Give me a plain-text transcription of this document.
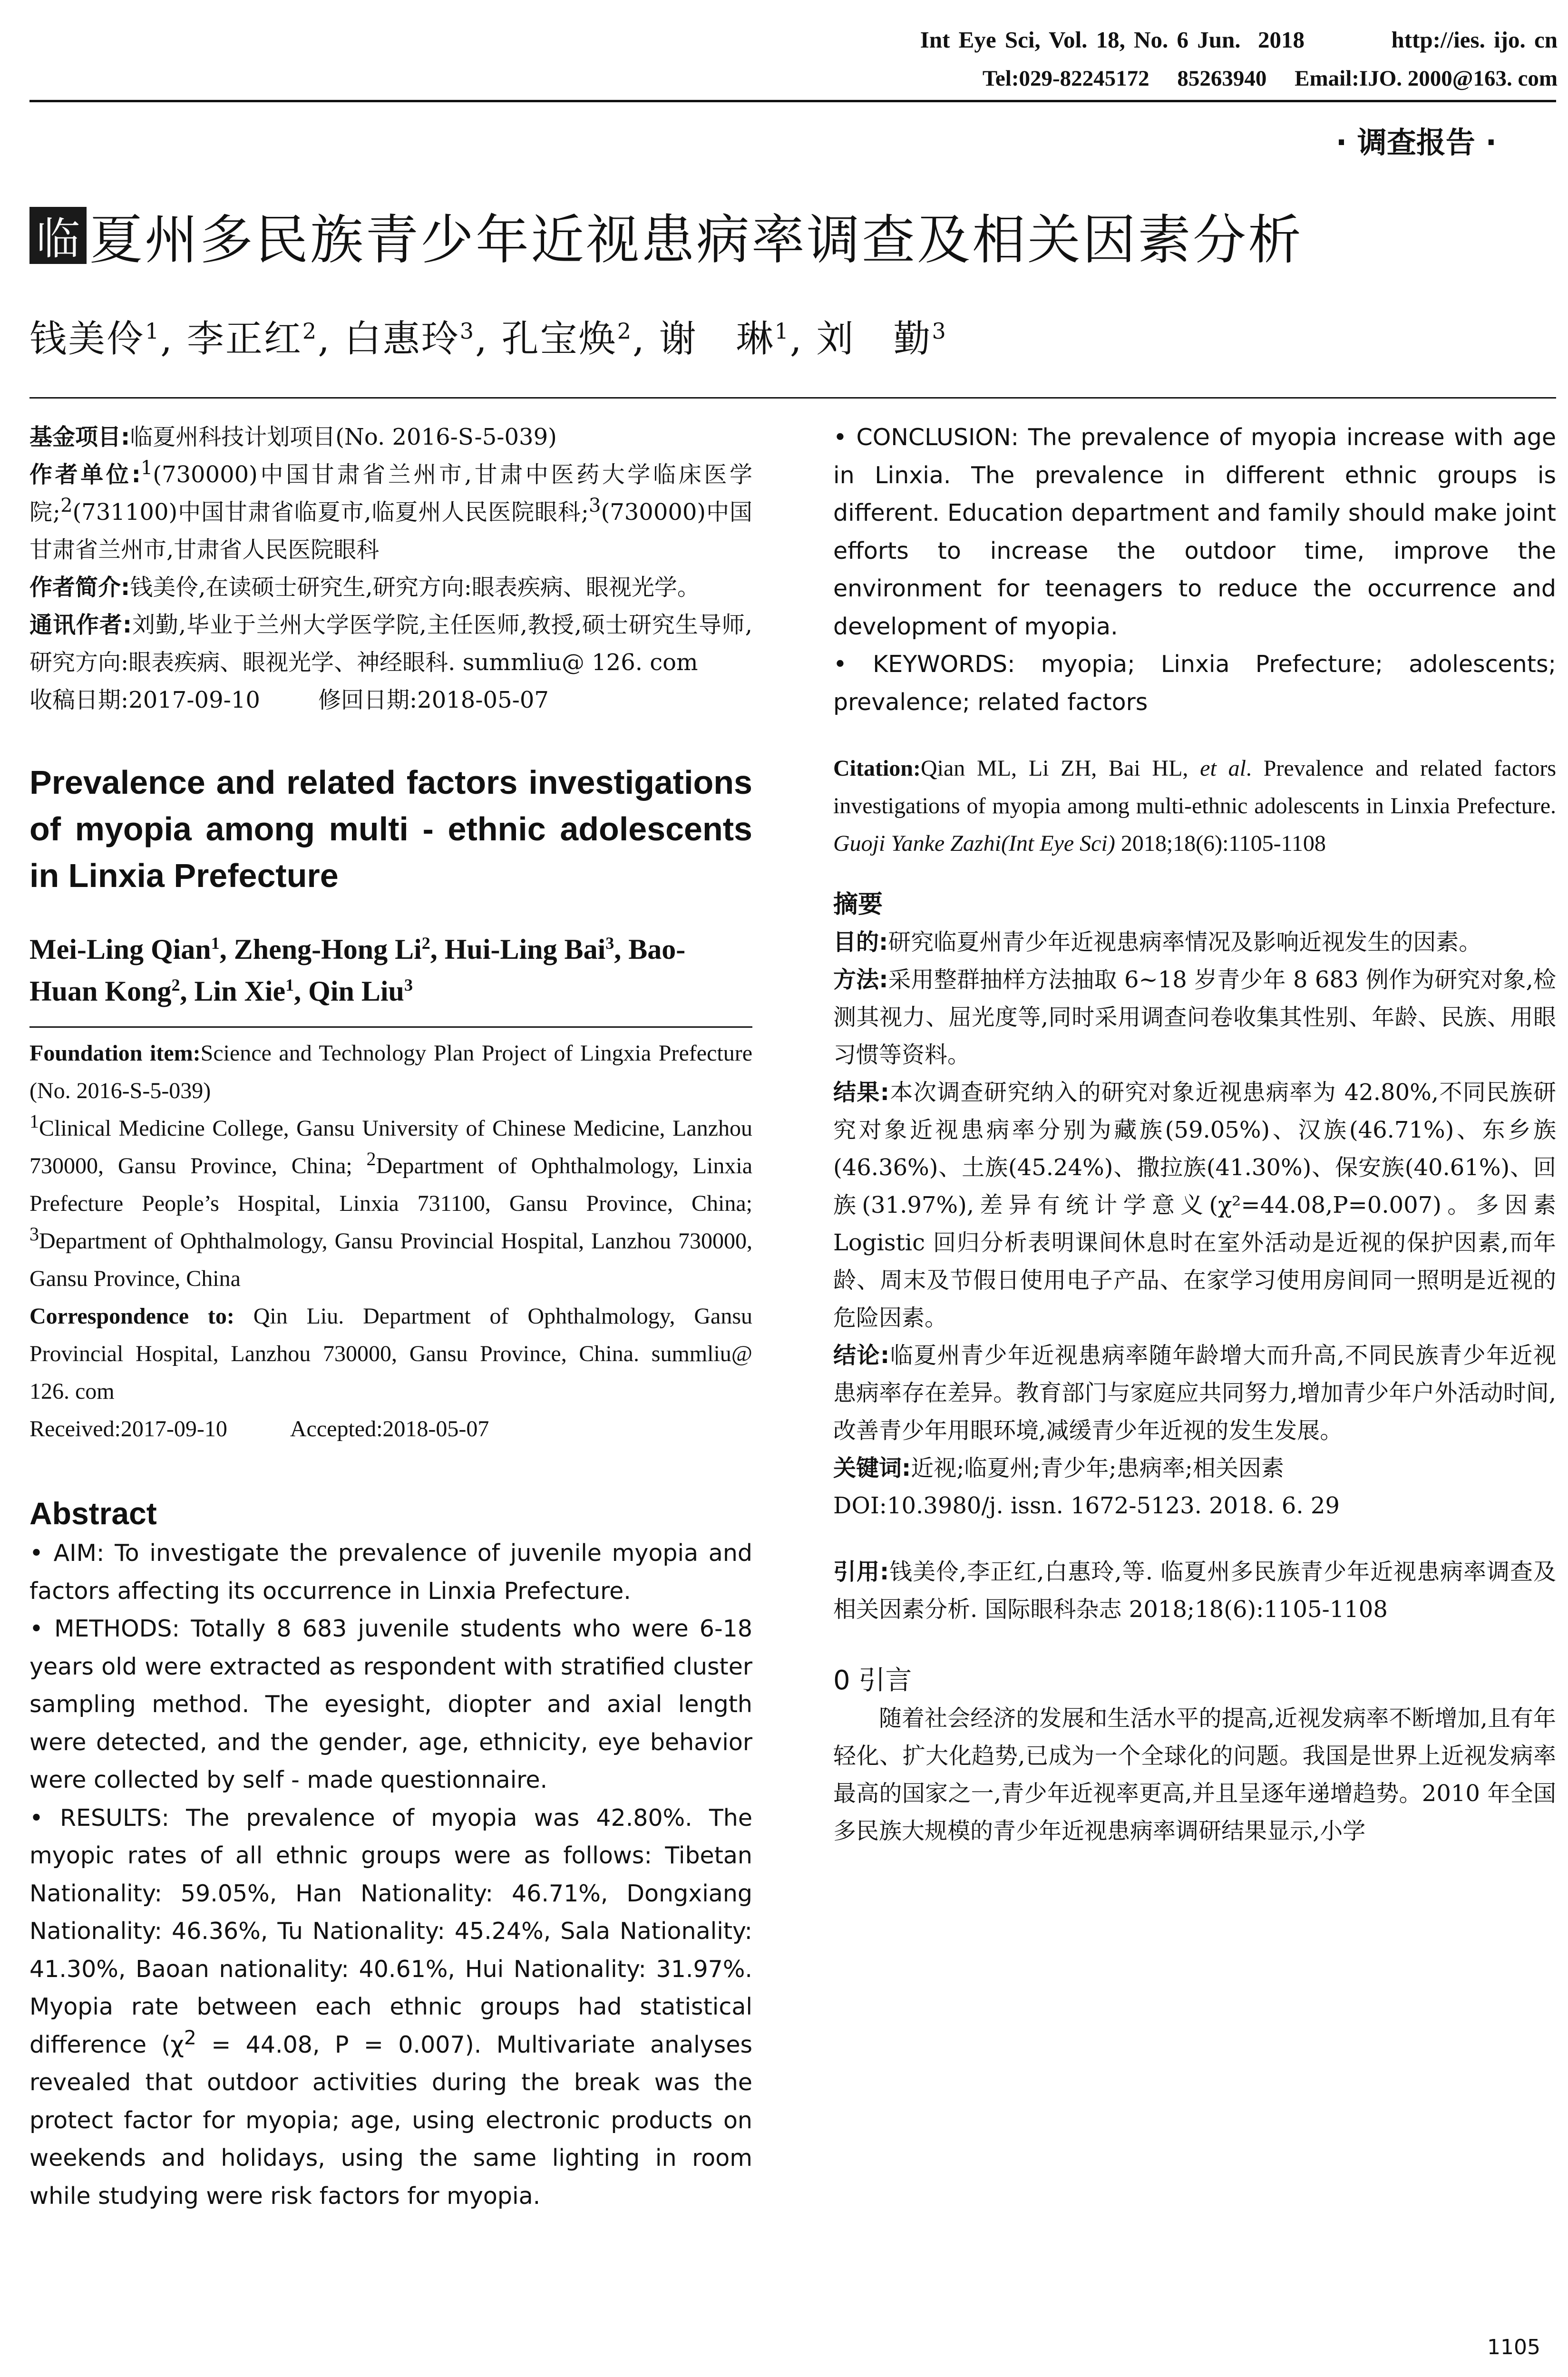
Int Eye Sci, Vol. 18, No. 6 Jun.  2018          http://ies. ijo. cn
Tel:029-82245172     85263940     Email:IJO. 2000@163. com
· 调查报告 ·
临 夏州多民族青少年近视患病率调查及相关因素分析
钱美伶$^1$, 李正红$^2$, 白惠玲$^3$, 孔宝焕$^2$, 谢　琳$^1$, 刘　勤$^3$

基金项目:临夏州科技计划项目(No. 2016-S-5-039)

作者单位:$^1$(730000)中国甘肃省兰州市,甘肃中医药大学临床医学院;$^2$(731100)中国甘肃省临夏市,临夏州人民医院眼科;$^3$(730000)中国甘肃省兰州市,甘肃省人民医院眼科

作者简介:钱美伶,在读硕士研究生,研究方向:眼表疾病、眼视光学。

通讯作者:刘勤,毕业于兰州大学医学院,主任医师,教授,硕士研究生导师,研究方向:眼表疾病、眼视光学、神经眼科. summliu@ 126. com

收稿日期:2017-09-10	修回日期:2018-05-07

Prevalence and related factors investigations of myopia among multi - ethnic adolescents in Linxia Prefecture

Mei-Ling Qian$^1$, Zheng-Hong Li$^2$, Hui-Ling Bai$^3$, Bao-Huan Kong$^2$, Lin Xie$^1$, Qin Liu$^3$

Foundation item:Science and Technology Plan Project of Lingxia Prefecture (No. 2016-S-5-039)

$^1$Clinical Medicine College, Gansu University of Chinese Medicine, Lanzhou 730000, Gansu Province, China; $^2$Department of Ophthalmology, Linxia Prefecture People’s Hospital, Linxia 731100, Gansu Province, China; $^3$Department of Ophthalmology, Gansu Provincial Hospital, Lanzhou 730000, Gansu Province, China

Correspondence to: Qin Liu. Department of Ophthalmology, Gansu Provincial Hospital, Lanzhou 730000, Gansu Province, China. summliu@ 126. com

Received:2017-09-10	Accepted:2018-05-07

Abstract

• AIM: To investigate the prevalence of juvenile myopia and factors affecting its occurrence in Linxia Prefecture.

• METHODS: Totally 8 683 juvenile students who were 6-18 years old were extracted as respondent with stratified cluster sampling method. The eyesight, diopter and axial length were detected, and the gender, age, ethnicity, eye behavior were collected by self - made questionnaire.

• RESULTS: The prevalence of myopia was 42.80%. The myopic rates of all ethnic groups were as follows: Tibetan Nationality: 59.05%, Han Nationality: 46.71%, Dongxiang Nationality: 46.36%, Tu Nationality: 45.24%, Sala Nationality: 41.30%, Baoan nationality: 40.61%, Hui Nationality: 31.97%. Myopia rate between each ethnic groups had statistical difference ($\chi^2 = 44.08$, P = 0.007). Multivariate analyses revealed that outdoor activities during the break was the protect factor for myopia; age, using electronic products on weekends and holidays, using the same lighting in room while studying were risk factors for myopia.

• CONCLUSION: The prevalence of myopia increase with age in Linxia. The prevalence in different ethnic groups is different. Education department and family should make joint efforts to increase the outdoor time, improve the environment for teenagers to reduce the occurrence and development of myopia.

• KEYWORDS: myopia; Linxia Prefecture; adolescents; prevalence; related factors

Citation:Qian ML, Li ZH, Bai HL, et al. Prevalence and related factors investigations of myopia among multi-ethnic adolescents in Linxia Prefecture. Guoji Yanke Zazhi(Int Eye Sci) 2018;18(6):1105-1108

摘要

目的:研究临夏州青少年近视患病率情况及影响近视发生的因素。

方法:采用整群抽样方法抽取 6~18 岁青少年 8 683 例作为研究对象,检测其视力、屈光度等,同时采用调查问卷收集其性别、年龄、民族、用眼习惯等资料。

结果:本次调查研究纳入的研究对象近视患病率为 42.80%,不同民族研究对象近视患病率分别为藏族(59.05%)、汉族(46.71%)、东乡族(46.36%)、土族(45.24%)、撒拉族(41.30%)、保安族(40.61%)、回族(31.97%),差异有统计学意义(χ²=44.08,P=0.007)。多因素 Logistic 回归分析表明课间休息时在室外活动是近视的保护因素,而年龄、周末及节假日使用电子产品、在家学习使用房间同一照明是近视的危险因素。

结论:临夏州青少年近视患病率随年龄增大而升高,不同民族青少年近视患病率存在差异。教育部门与家庭应共同努力,增加青少年户外活动时间,改善青少年用眼环境,减缓青少年近视的发生发展。

关键词:近视;临夏州;青少年;患病率;相关因素

DOI:10.3980/j. issn. 1672-5123. 2018. 6. 29

引用:钱美伶,李正红,白惠玲,等. 临夏州多民族青少年近视患病率调查及相关因素分析. 国际眼科杂志 2018;18(6):1105-1108

0 引言

随着社会经济的发展和生活水平的提高,近视发病率不断增加,且有年轻化、扩大化趋势,已成为一个全球化的问题。我国是世界上近视发病率最高的国家之一,青少年近视率更高,并且呈逐年递增趋势。2010 年全国多民族大规模的青少年近视患病率调研结果显示,小学

1105
